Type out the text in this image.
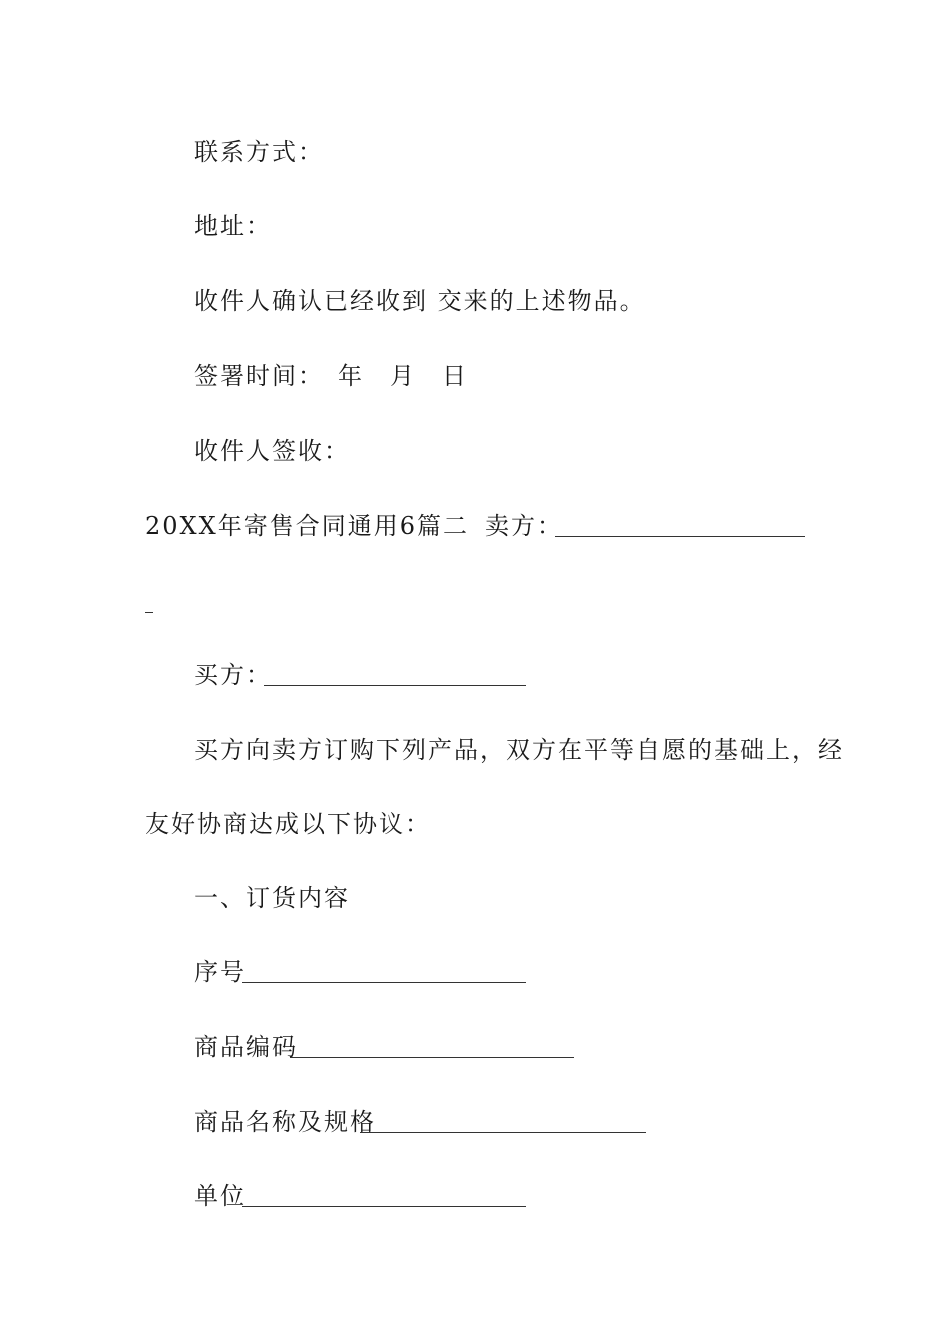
联系方式：
地址：
收件人确认已经收到 交来的上述物品。
签署时间：　年　月　日
收件人签收：
20XX年寄售合同通用6篇二 卖方：
买方：
买方向卖方订购下列产品，双方在平等自愿的基础上，经
友好协商达成以下协议：
一、订货内容
序号
商品编码
商品名称及规格
单位
